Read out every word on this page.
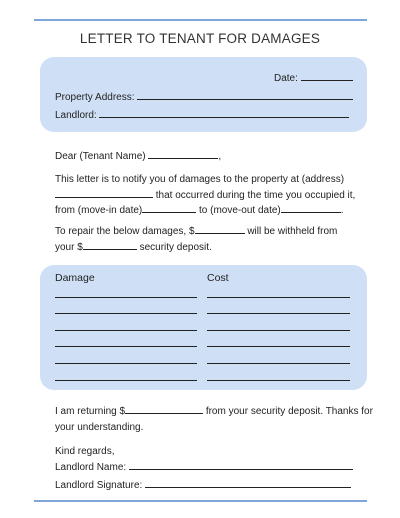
LETTER TO TENANT FOR DAMAGES
Date:
Property Address:
Landlord:
Dear (Tenant Name)	,
This letter is to notify you of damages to the property at (address)
that occurred during the time you occupied it,
from (move-in date)	to (move-out date)	.
To repair the below damages, $	will be withheld from
your $	security deposit.
Damage	Cost
I am returning $	from your security deposit. Thanks for
your understanding.
Kind regards,
Landlord Name:
Landlord Signature:
